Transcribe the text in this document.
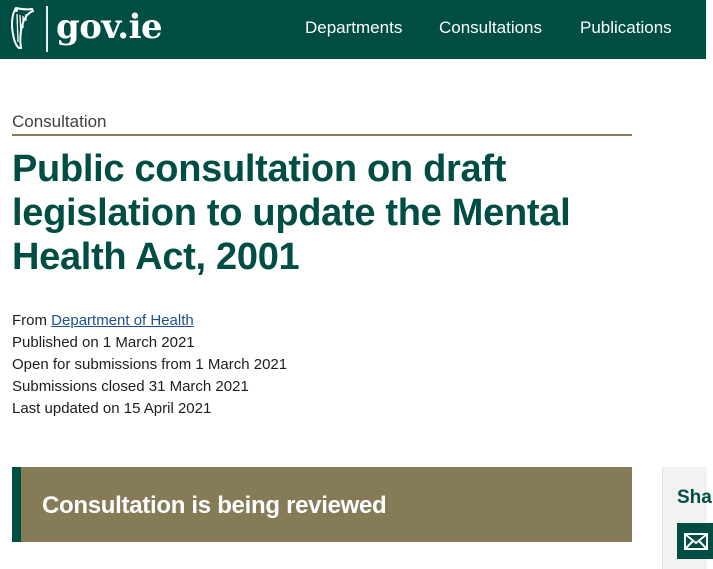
gov.ie	Departments Consultations Publications
Consultation
Public consultation on draft legislation to update the Mental Health Act, 2001
From Department of Health
Published on 1 March 2021
Open for submissions from 1 March 2021
Submissions closed 31 March 2021
Last updated on 15 April 2021
Consultation is being reviewed	Sha
